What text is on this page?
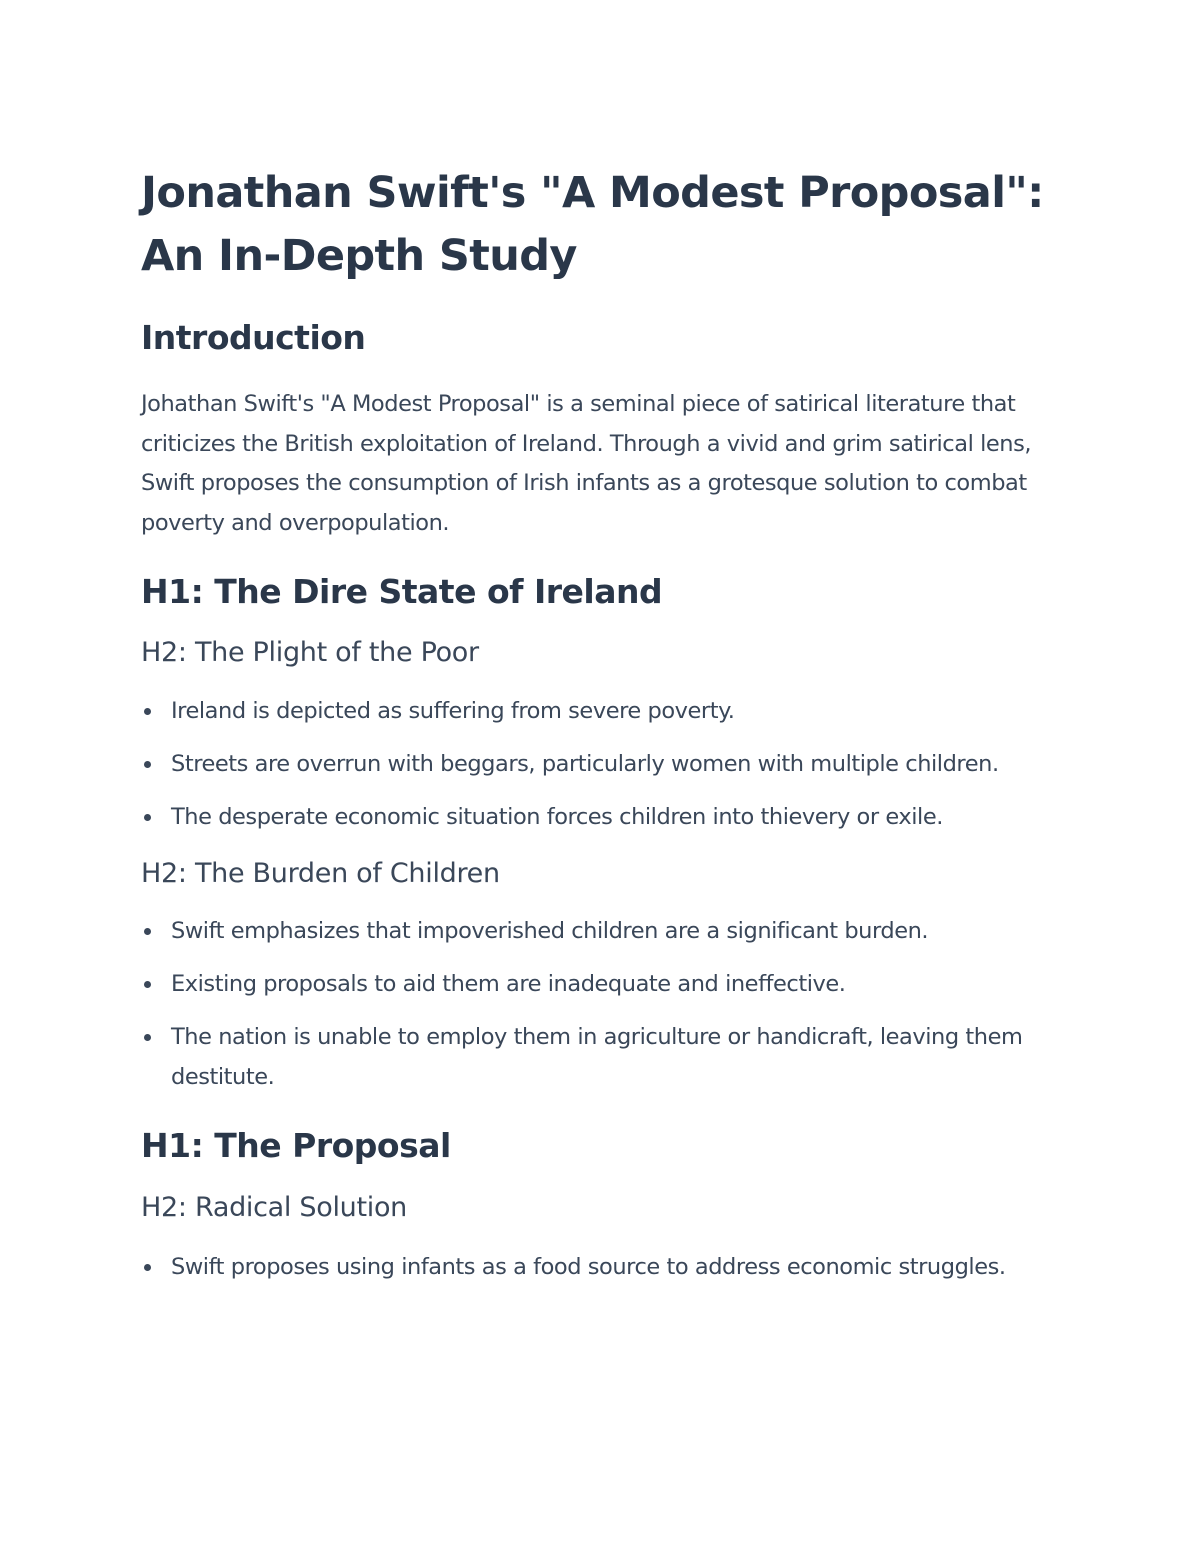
Jonathan Swift's "A Modest Proposal": An In-Depth Study
Introduction

Johathan Swift's "A Modest Proposal" is a seminal piece of satirical literature that criticizes the British exploitation of Ireland. Through a vivid and grim satirical lens, Swift proposes the consumption of Irish infants as a grotesque solution to combat poverty and overpopulation.

H1: The Dire State of Ireland
H2: The Plight of the Poor
Ireland is depicted as suffering from severe poverty.
Streets are overrun with beggars, particularly women with multiple children.
The desperate economic situation forces children into thievery or exile.
H2: The Burden of Children
Swift emphasizes that impoverished children are a significant burden.
Existing proposals to aid them are inadequate and ineffective.
The nation is unable to employ them in agriculture or handicraft, leaving them destitute.
H1: The Proposal
H2: Radical Solution
Swift proposes using infants as a food source to address economic struggles.
